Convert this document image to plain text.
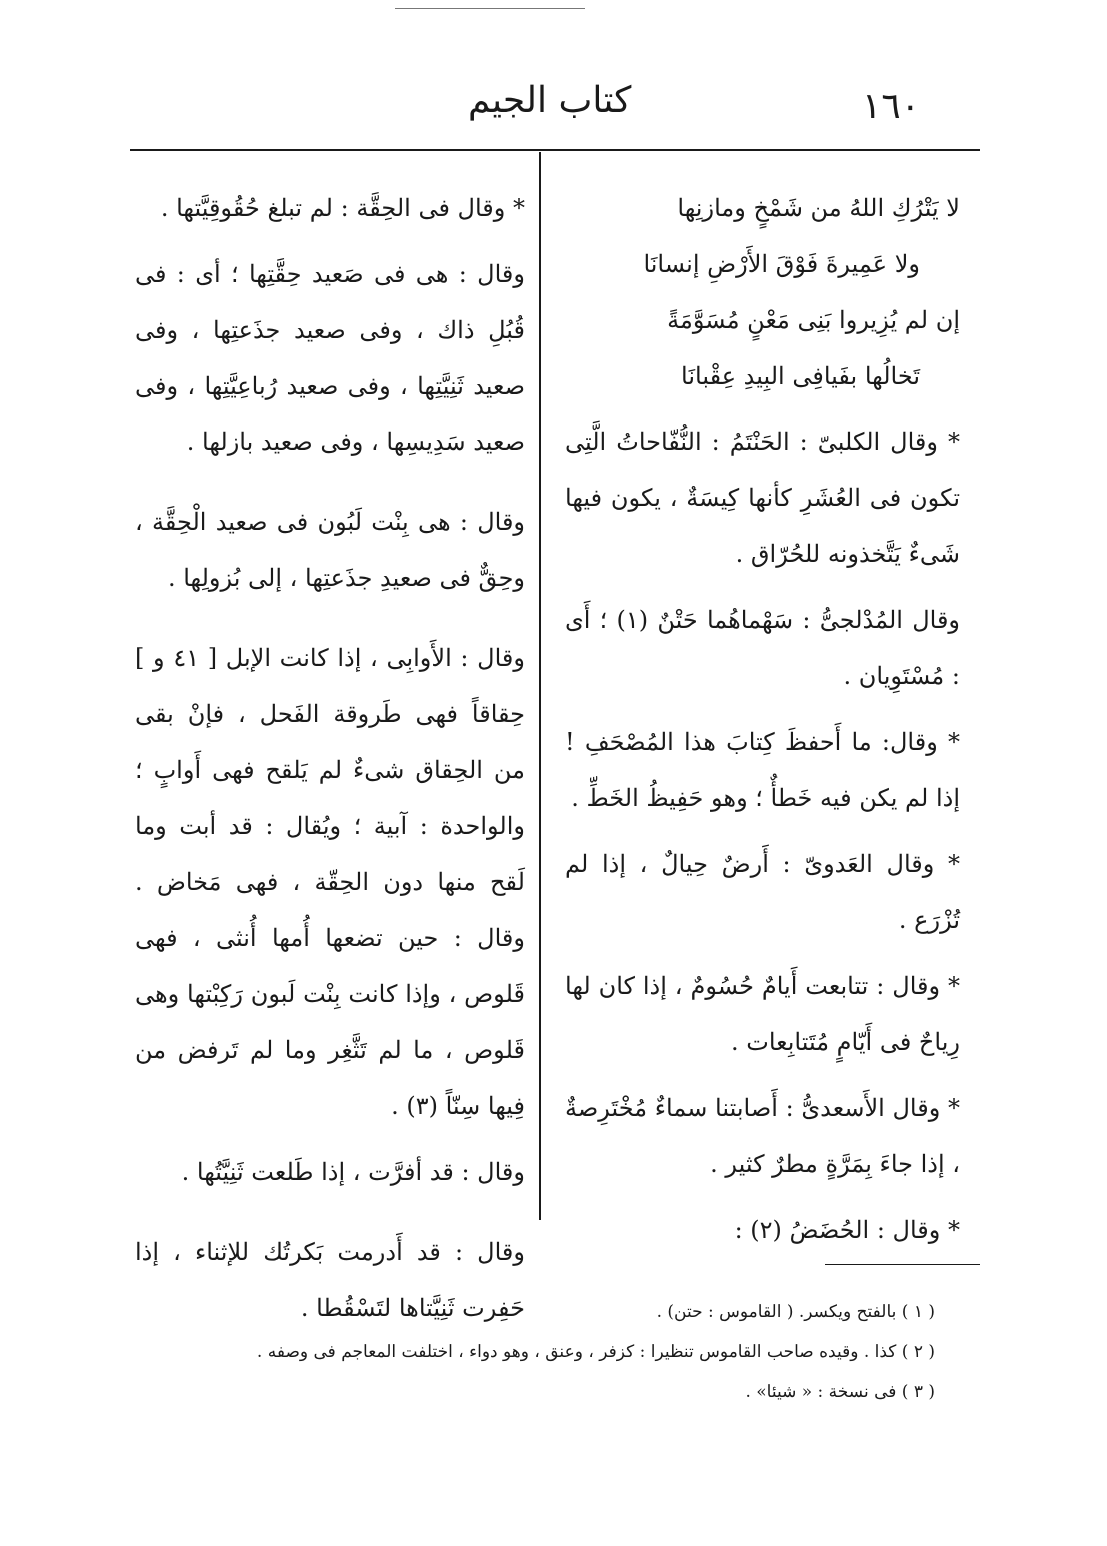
١٦٠
كتاب الجيم

لا يَتْرُكِ اللهُ من شَمْخٍ ومازنِها

ولا عَمِيرةَ فَوْقَ الأَرْضِ إنسانَا

إن لم يُزِيروا بَنِى مَعْنٍ مُسَوَّمَةً

تَخالُها بفَيافِى البِيدِ عِقْبانَا

* وقال الكلبىّ : الحَنْتَمُ : النُّفّاحاتُ الَّتِى تكون فى العُشَرِ كأنها كِيسَةٌ ، يكون فيها شَىءٌ يَتَّخذونه للحُرّاق .

وقال المُدْلجىُّ : سَهْماهُما حَتْنٌ (١) ؛ أَى : مُسْتَوِيان .

* وقال: ما أَحفظَ كِتابَ هذا المُصْحَفِ ! إذا لم يكن فيه خَطأٌ ؛ وهو حَفِيظُ الخَطِّ .

* وقال العَدوىّ : أَرضٌ حِيالٌ ، إذا لم تُزْرَع .

* وقال : تتابعت أَيامٌ حُسُومٌ ، إذا كان لها رِياحٌ فى أَيّامٍ مُتَتابِعات .

* وقال الأَسعدىُّ : أَصابتنا سماءٌ مُخْتَرِصةٌ ، إذا جاءَ بِمَرَّةٍ مطرٌ كثير .

* وقال : الحُضَضُ (٢) :

* وقال فى الحِقَّة : لم تبلغ حُقُوقِيَّتها .

وقال : هى فى صَعيد حِقَّتِها ؛ أى : فى قُبُلِ ذاك ، وفى صعيد جذَعتِها ، وفى صعيد ثَنِيَّتِها ، وفى صعيد رُباعِيَّتِها ، وفى صعيد سَدِيسِها ، وفى صعيد بازلها .

وقال : هى بِنْت لَبُون فى صعيد الْحِقَّة ، وحِقٌّ فى صعيدِ جذَعتِها ، إلى بُزولِها .

وقال : الأَوابِى ، إذا كانت الإبل [ ٤١ و ] حِقاقاً فهى طَروقة الفَحل ، فإنْ بقى من الحِقاق شىءٌ لم يَلقح فهى أَوابٍ ؛ والواحدة : آبية ؛ ويُقال : قد أبت وما لَقح منها دون الحِقّة ، فهى مَخاض . وقال : حين تضعها أُمها أُنثى ، فهى قَلوص ، وإذا كانت بِنْت لَبون رَكِبْتها وهى قَلوص ، ما لم تَثَّغِر وما لم تَرفض من فِيها سِنّاً (٣) .

وقال : قد أفرَّت ، إذا طَلعت ثَنِيَّتُها .

وقال : قد أَدرمت بَكرتُك للإثناء ، إذا حَفِرت ثَنِيَّتاها لتَسْقُطا .	( ١ ) بالفتح ويكسر. ( القاموس : حتن) .

( ٢ ) كذا . وقيده صاحب القاموس تنظيرا : كزفر ، وعنق ، وهو دواء ، اختلفت المعاجم فى وصفه .

( ٣ ) فى نسخة : « شيئا» .
